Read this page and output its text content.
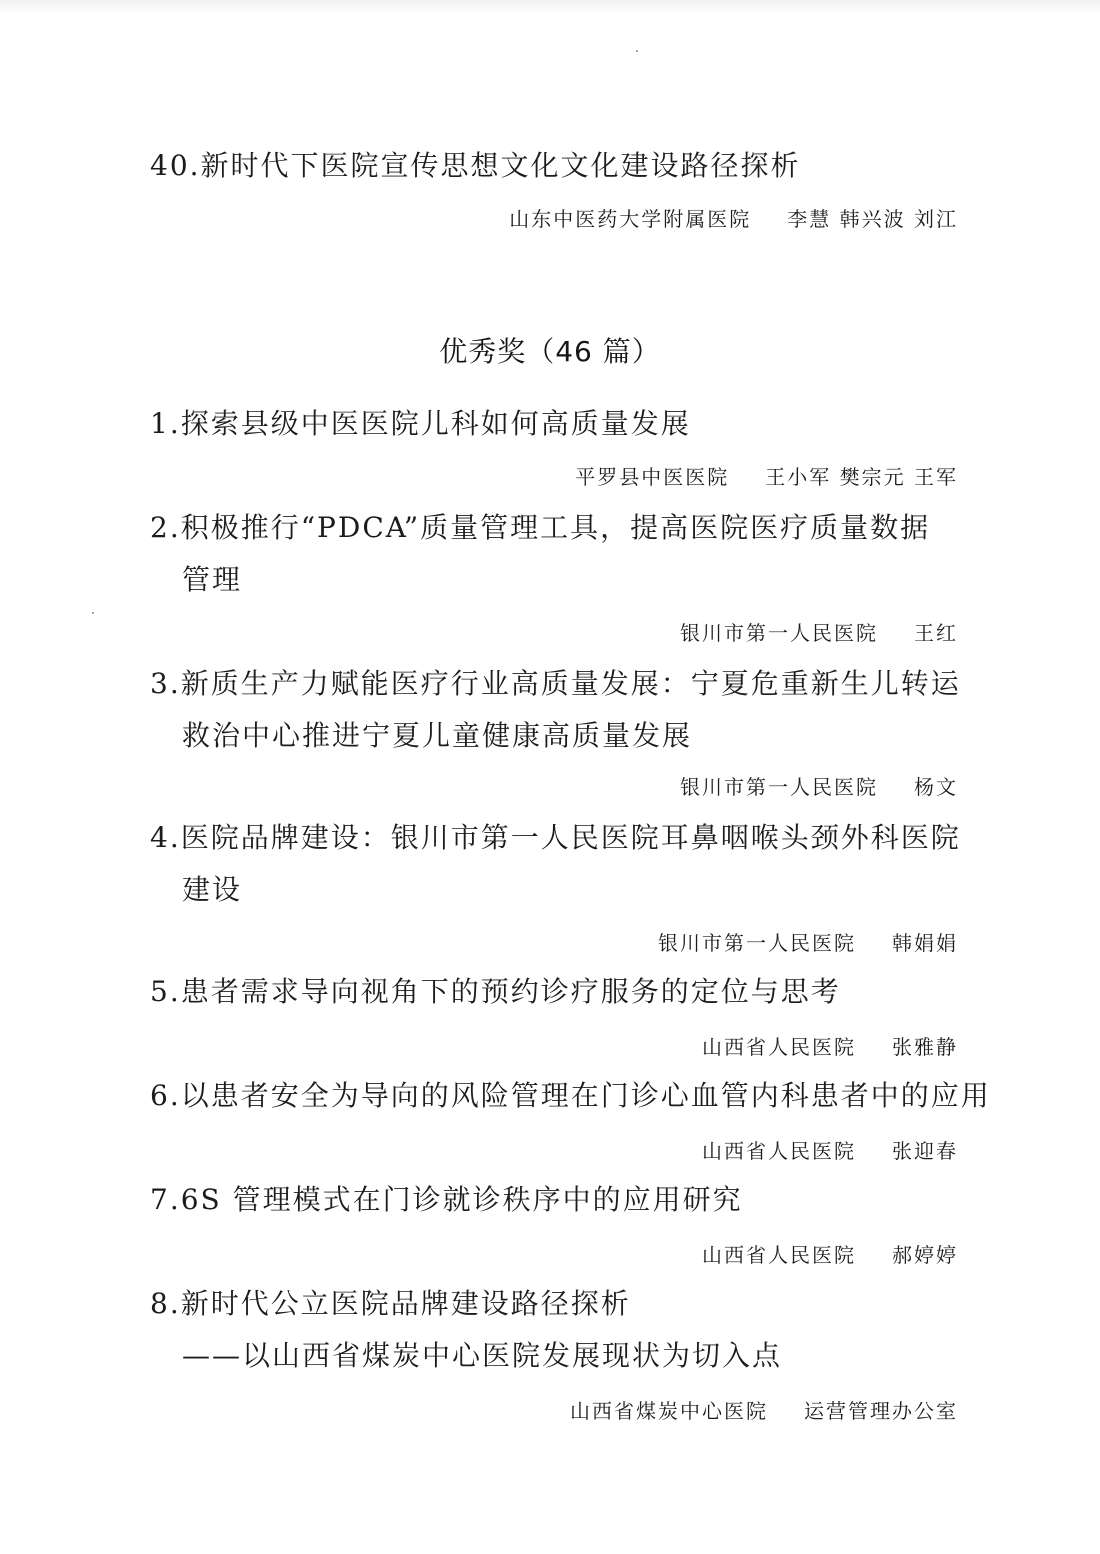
40.新时代下医院宣传思想文化文化建设路径探析

山东中医药大学附属医院 李慧 韩兴波 刘江
优秀奖（46 篇）

1.探索县级中医医院儿科如何高质量发展

平罗县中医医院 王小军 樊宗元 王军

2.积极推行“PDCA”质量管理工具，提高医院医疗质量数据

管理

银川市第一人民医院 王红

3.新质生产力赋能医疗行业高质量发展：宁夏危重新生儿转运

救治中心推进宁夏儿童健康高质量发展

银川市第一人民医院 杨文

4.医院品牌建设：银川市第一人民医院耳鼻咽喉头颈外科医院

建设

银川市第一人民医院 韩娟娟

5.患者需求导向视角下的预约诊疗服务的定位与思考

山西省人民医院 张雅静

6.以患者安全为导向的风险管理在门诊心血管内科患者中的应用

山西省人民医院 张迎春

7.6S 管理模式在门诊就诊秩序中的应用研究

山西省人民医院 郝婷婷

8.新时代公立医院品牌建设路径探析

——以山西省煤炭中心医院发展现状为切入点
山西省煤炭中心医院 运营管理办公室
